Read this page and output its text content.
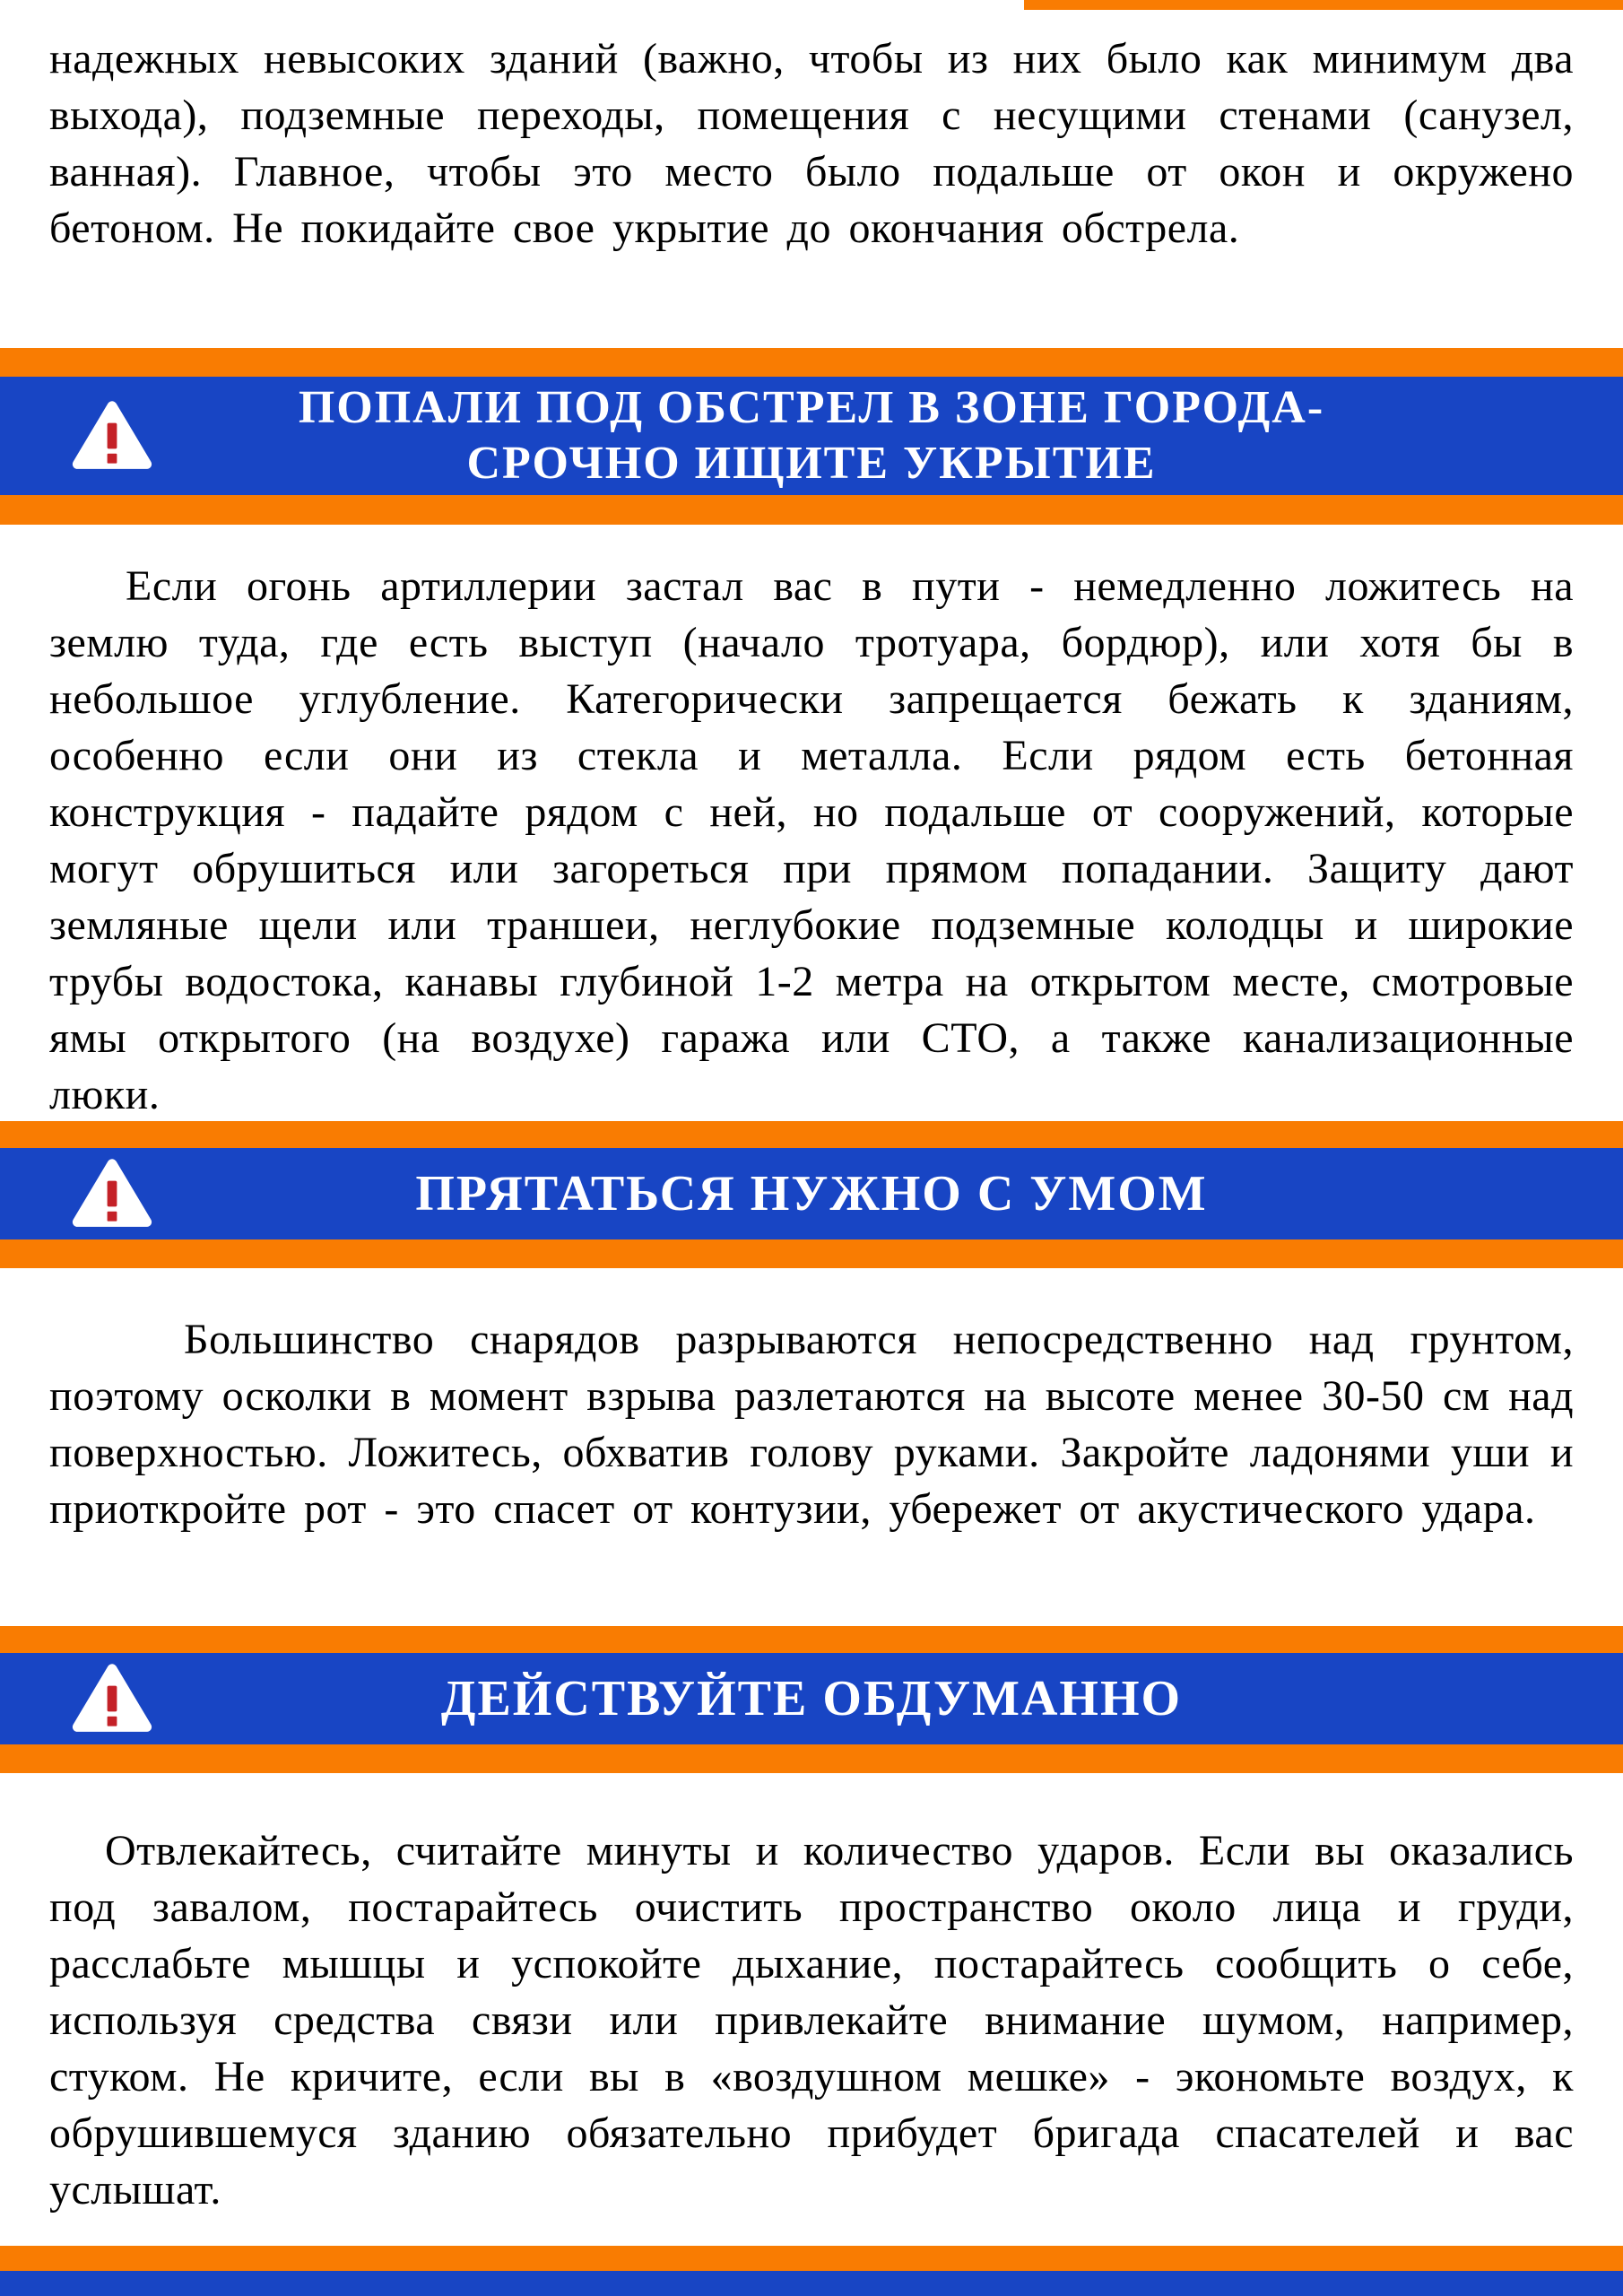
надежных невысоких зданий (важно, чтобы из них было как минимум два выхода), подземные переходы, помещения с несущими стенами (санузел, ванная). Главное, чтобы это место было подальше от окон и окружено бетоном. Не покидайте свое укрытие до окончания обстрела.

ПОПАЛИ ПОД ОБСТРЕЛ В ЗОНЕ ГОРОДА-
СРОЧНО ИЩИТЕ УКРЫТИЕ

Если огонь артиллерии застал вас в пути - немедленно ложитесь на землю туда, где есть выступ (начало тротуара, бордюр), или хотя бы в небольшое углубление. Категорически запрещается бежать к зданиям, особенно если они из стекла и металла. Если рядом есть бетонная конструкция - падайте рядом с ней, но подальше от сооружений, которые могут обрушиться или загореться при прямом попадании. Защиту дают земляные щели или траншеи, неглубокие подземные колодцы и широкие трубы водостока, канавы глубиной 1-2 метра на открытом месте, смотровые ямы открытого (на воздухе) гаража или СТО, а также канализационные люки.

ПРЯТАТЬСЯ НУЖНО С УМОМ

Большинство снарядов разрываются непосредственно над грунтом, поэтому осколки в момент взрыва разлетаются на высоте менее 30-50 см над поверхностью. Ложитесь, обхватив голову руками. Закройте ладонями уши и приоткройте рот - это спасет от контузии, убережет от акустического удара.

ДЕЙСТВУЙТЕ ОБДУМАННО

Отвлекайтесь, считайте минуты и количество ударов. Если вы оказались под завалом, постарайтесь очистить пространство около лица и груди, расслабьте мышцы и успокойте дыхание, постарайтесь сообщить о себе, используя средства связи или привлекайте внимание шумом, например, стуком. Не кричите, если вы в «воздушном мешке» - экономьте воздух, к обрушившемуся зданию обязательно прибудет бригада спасателей и вас услышат.
